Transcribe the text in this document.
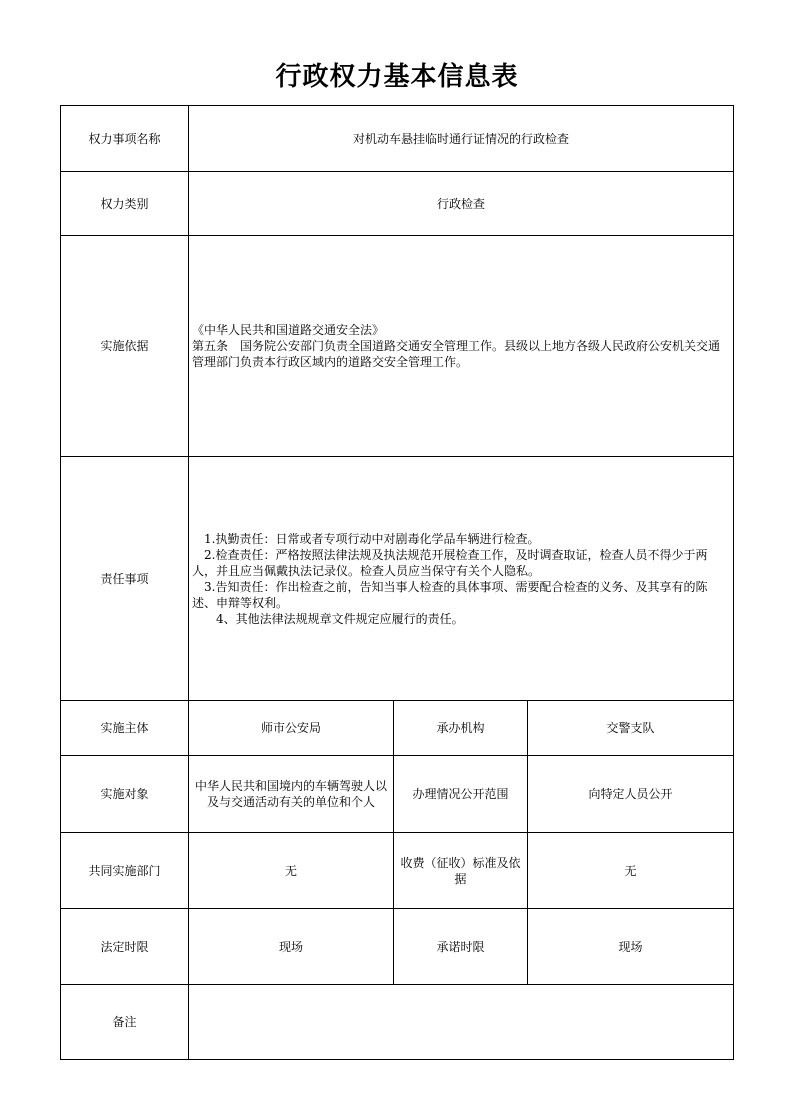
行政权力基本信息表
权力事项名称	对机动车悬挂临时通行证情况的行政检查		
权力类别	行政检查		
实施依据	《中华人民共和国道路交通安全法》
第五条　国务院公安部门负责全国道路交通安全管理工作。县级以上地方各级人民政府公安机关交通管理部门负责本行政区域内的道路交安全管理工作。		

责任事项	1.执勤责任：日常或者专项行动中对剧毒化学品车辆进行检查。
2.检查责任：严格按照法律法规及执法规范开展检查工作，及时调查取证，检查人员不得少于两人，并且应当佩戴执法记录仪。检查人员应当保守有关个人隐私。
3.告知责任：作出检查之前，告知当事人检查的具体事项、需要配合检查的义务、及其享有的陈述、申辩等权利。
4、其他法律法规规章文件规定应履行的责任。		

实施主体	师市公安局	承办机构	交警支队
实施对象	中华人民共和国境内的车辆驾驶人以及与交通活动有关的单位和个人	办理情况公开范围	向特定人员公开
共同实施部门	无	收费（征收）标准及依据	无
法定时限	现场	承诺时限	现场
备注			
